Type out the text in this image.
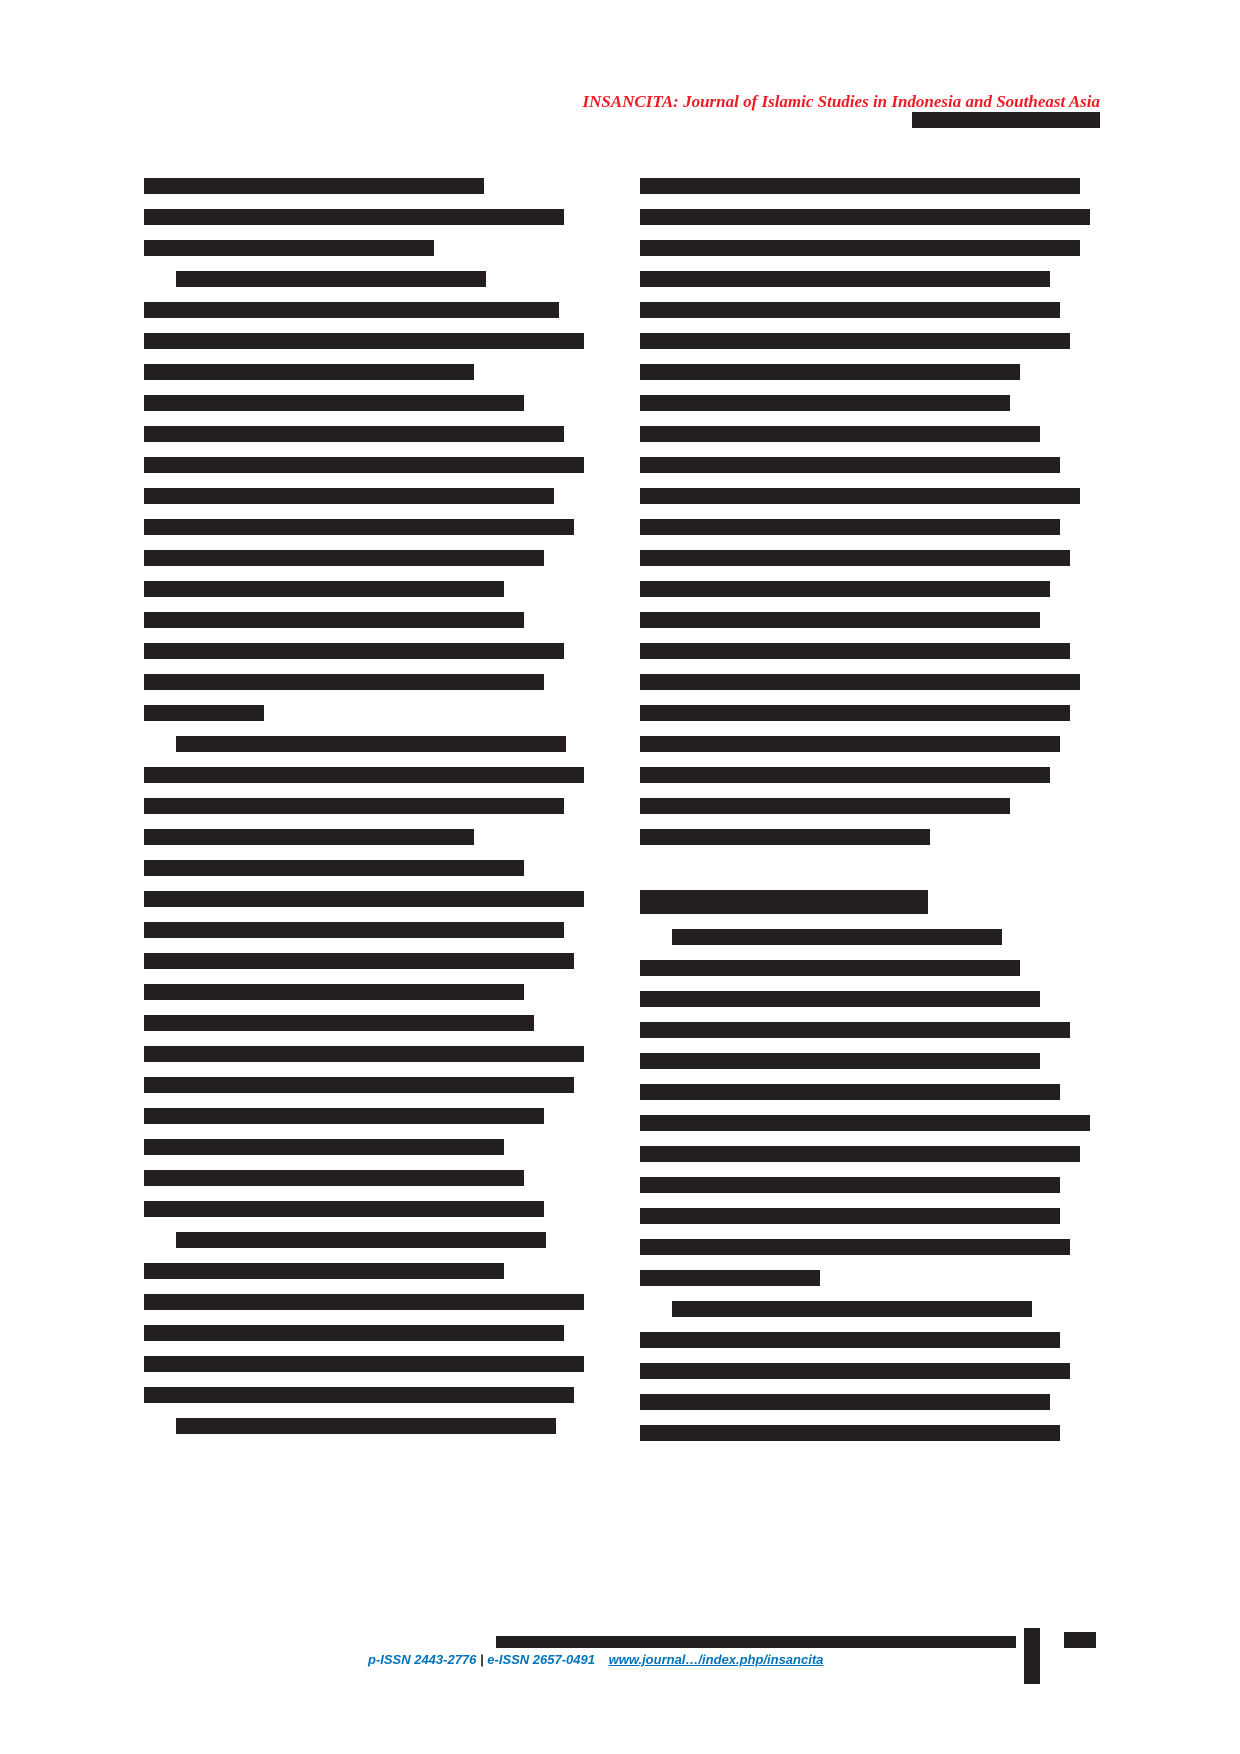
INSANCITA: Journal of Islamic Studies in Indonesia and Southeast Asia
p-ISSN 2443-2776 | e-ISSN 2657-0491 www.journal…/index.php/insancita
